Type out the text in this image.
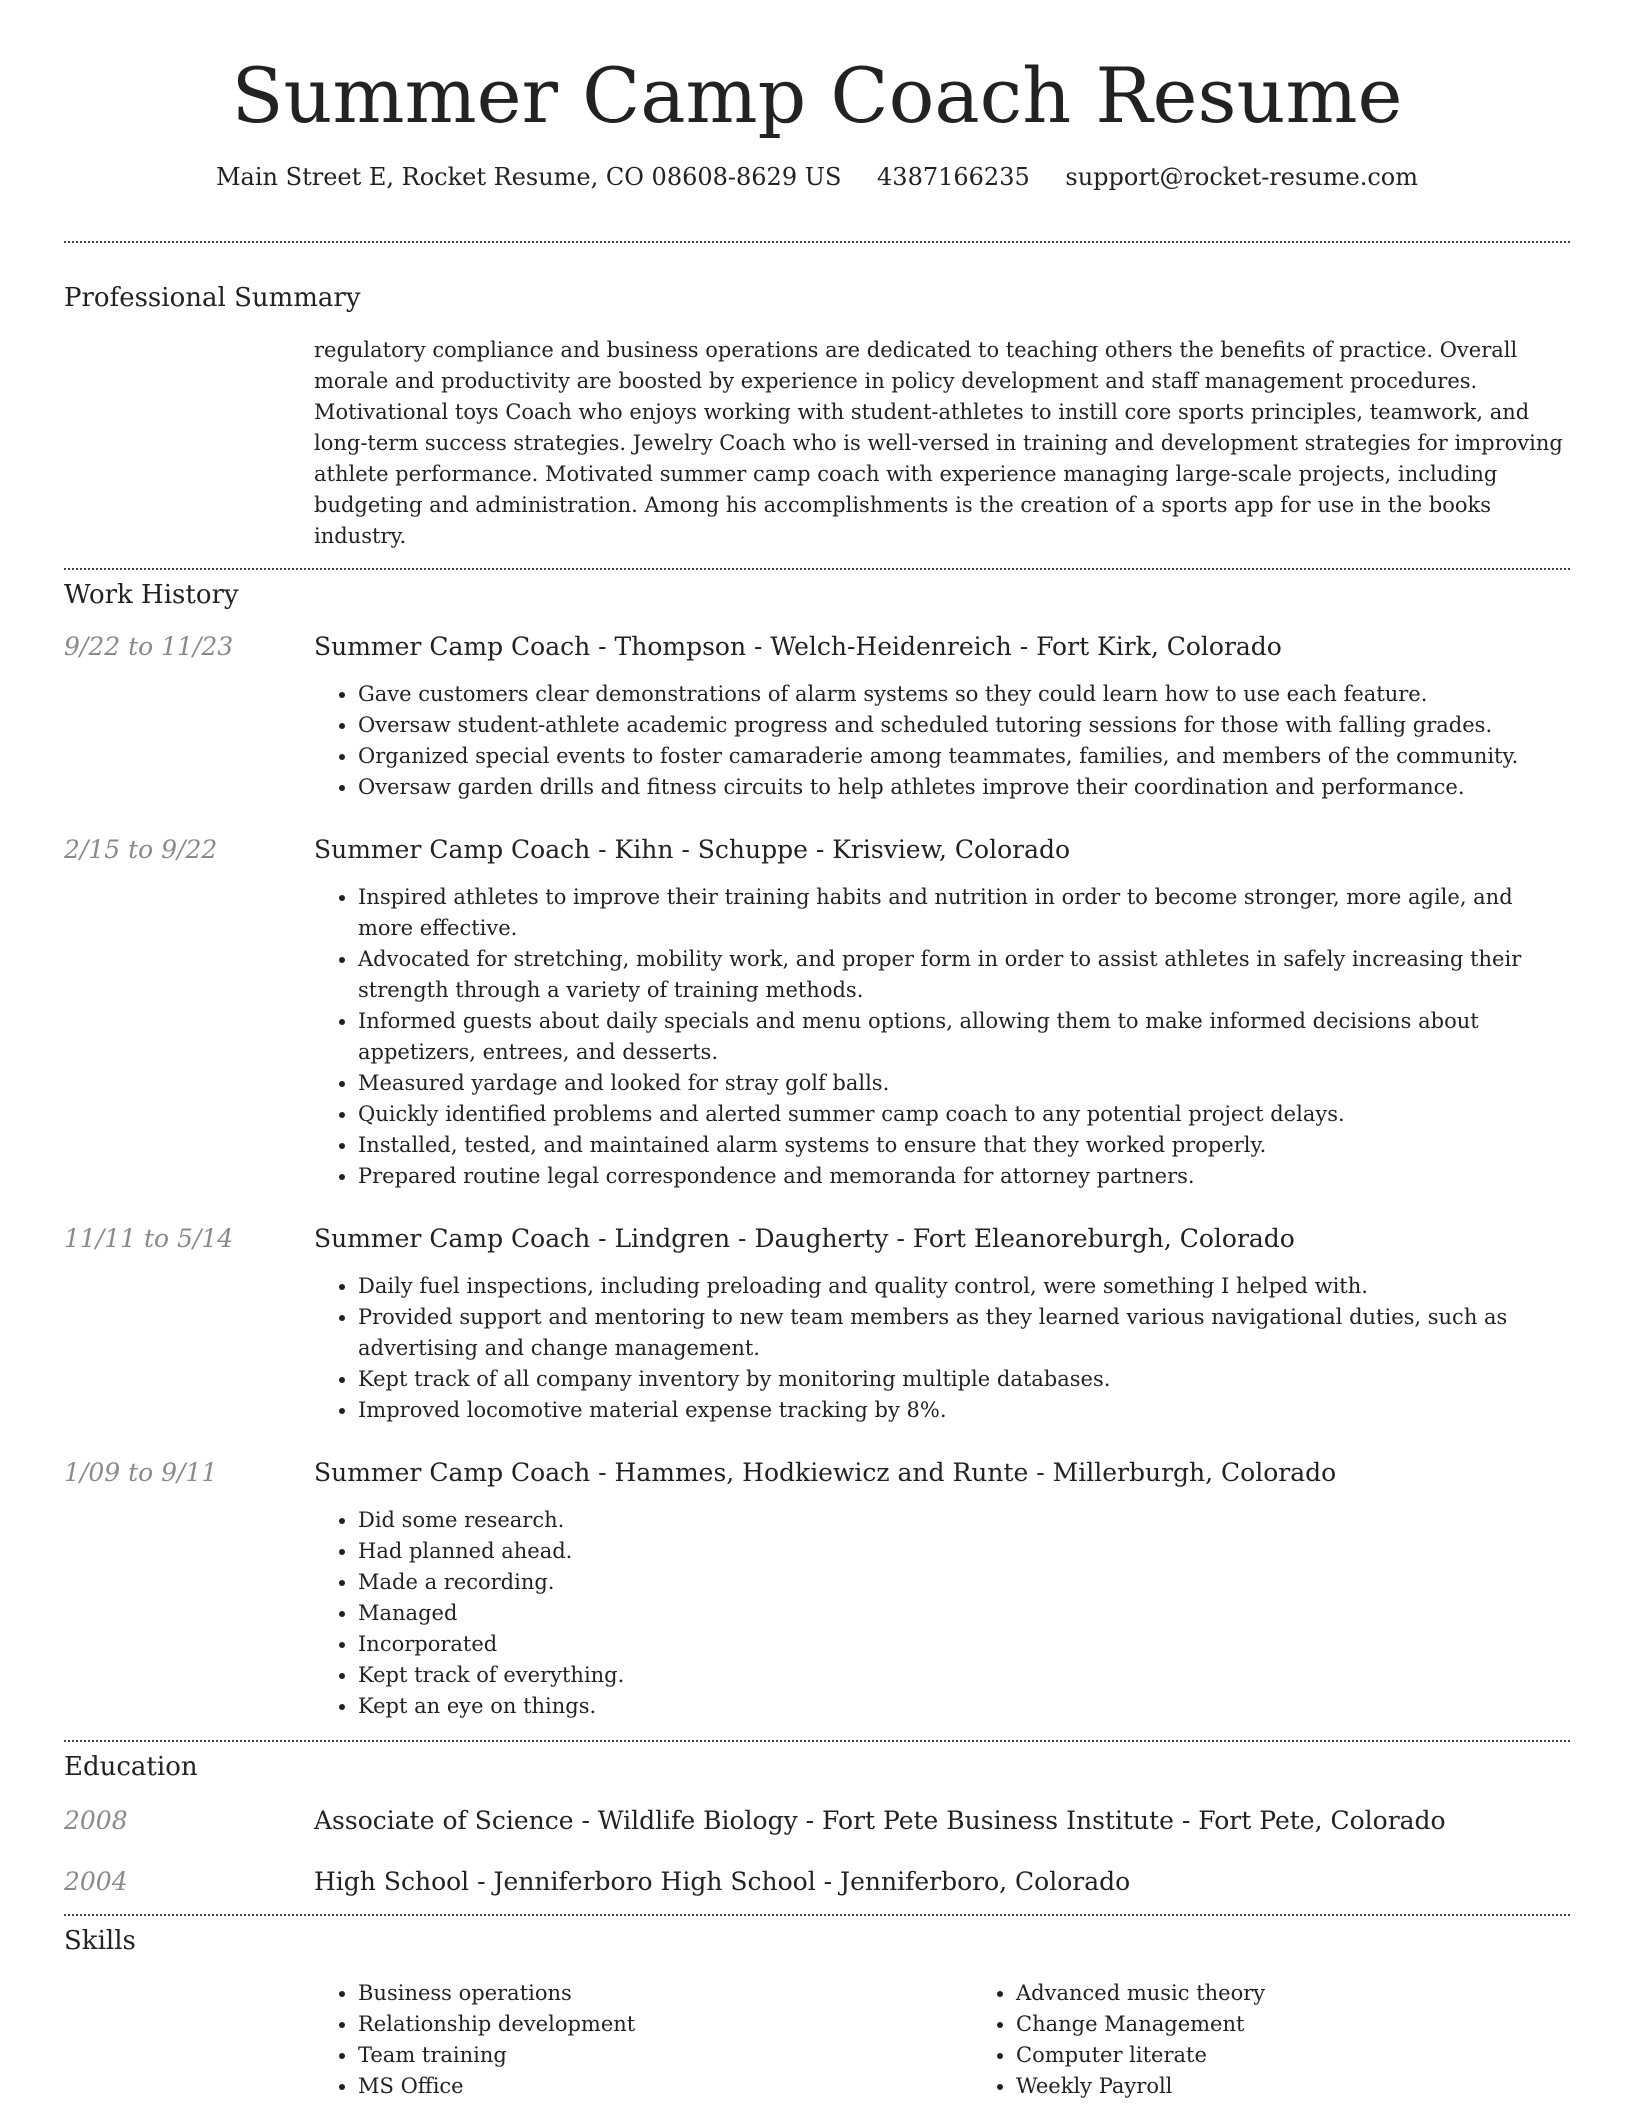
Summer Camp Coach Resume
Main Street E, Rocket Resume, CO 08608-8629 US 4387166235 support@rocket-resume.com
Professional Summary

regulatory compliance and business operations are dedicated to teaching others the benefits of practice. Overall morale and productivity are boosted by experience in policy development and staff management procedures. Motivational toys Coach who enjoys working with student-athletes to instill core sports principles, teamwork, and long-term success strategies. Jewelry Coach who is well-versed in training and development strategies for improving athlete performance. Motivated summer camp coach with experience managing large-scale projects, including budgeting and administration. Among his accomplishments is the creation of a sports app for use in the books industry.

Work History
9/22 to 11/23	Summer Camp Coach - Thompson - Welch-Heidenreich - Fort Kirk, Colorado
• Gave customers clear demonstrations of alarm systems so they could learn how to use each feature.
• Oversaw student-athlete academic progress and scheduled tutoring sessions for those with falling grades.
• Organized special events to foster camaraderie among teammates, families, and members of the community.
• Oversaw garden drills and fitness circuits to help athletes improve their coordination and performance.
2/15 to 9/22	Summer Camp Coach - Kihn - Schuppe - Krisview, Colorado
• Inspired athletes to improve their training habits and nutrition in order to become stronger, more agile, and more effective.
• Advocated for stretching, mobility work, and proper form in order to assist athletes in safely increasing their strength through a variety of training methods.
• Informed guests about daily specials and menu options, allowing them to make informed decisions about appetizers, entrees, and desserts.
• Measured yardage and looked for stray golf balls.
• Quickly identified problems and alerted summer camp coach to any potential project delays.
• Installed, tested, and maintained alarm systems to ensure that they worked properly.
• Prepared routine legal correspondence and memoranda for attorney partners.
11/11 to 5/14	Summer Camp Coach - Lindgren - Daugherty - Fort Eleanoreburgh, Colorado
• Daily fuel inspections, including preloading and quality control, were something I helped with.
• Provided support and mentoring to new team members as they learned various navigational duties, such as advertising and change management.
• Kept track of all company inventory by monitoring multiple databases.
• Improved locomotive material expense tracking by 8%.
1/09 to 9/11	Summer Camp Coach - Hammes, Hodkiewicz and Runte - Millerburgh, Colorado
• Did some research.
• Had planned ahead.
• Made a recording.
• Managed
• Incorporated
• Kept track of everything.
• Kept an eye on things.
Education
2008	Associate of Science - Wildlife Biology - Fort Pete Business Institute - Fort Pete, Colorado
2004	High School - Jenniferboro High School - Jenniferboro, Colorado
Skills
• Business operations
• Relationship development
• Team training
• MS Office
• Advanced music theory
• Change Management
• Computer literate
• Weekly Payroll
